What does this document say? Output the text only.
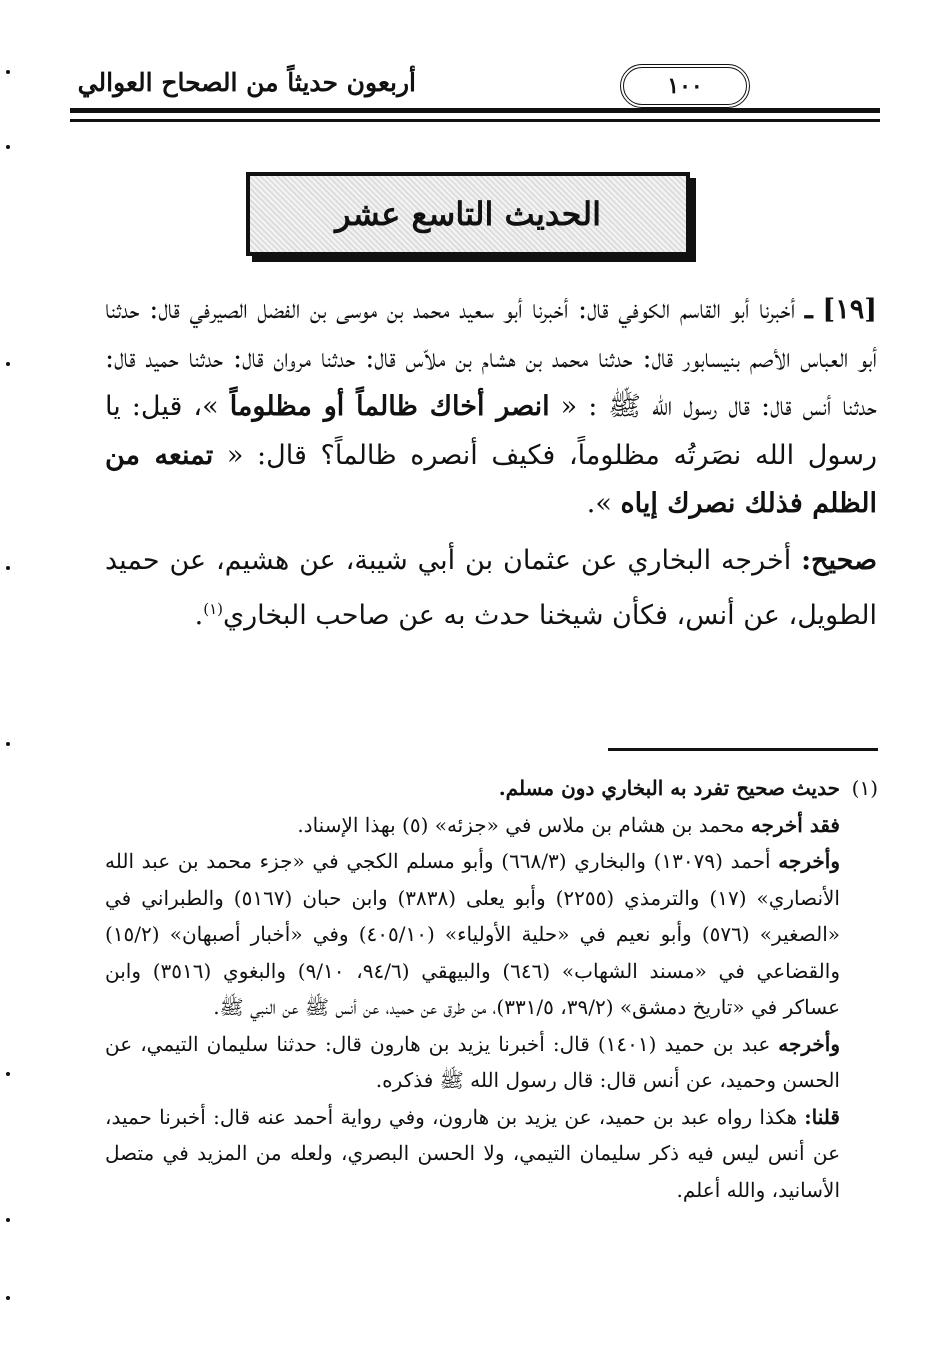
أربعون حديثاً من الصحاح العوالي	١٠٠
الحديث التاسع عشر

[١٩] ـ أخبرنا أبو القاسم الكوفي قال: أخبرنا أبو سعيد محمد بن موسى بن الفضل الصيرفي قال: حدثنا أبو العباس الأصم بنيسابور قال: حدثنا محمد بن هشام بن ملاّس قال: حدثنا مروان قال: حدثنا حميد قال: حدثنا أنس قال: قال رسول الله ﷺ : « انصر أخاك ظالماً أو مظلوماً »، قيل: يا رسول الله نصَرتُه مظلوماً، فكيف أنصره ظالماً؟ قال: « تمنعه من الظلم فذلك نصرك إياه ».

صحيح: أخرجه البخاري عن عثمان بن أبي شيبة، عن هشيم، عن حميد الطويل، عن أنس، فكأن شيخنا حدث به عن صاحب البخاري$^{(١)}$.

(١)

حديث صحيح تفرد به البخاري دون مسلم.

فقد أخرجه محمد بن هشام بن ملاس في «جزئه» (٥) بهذا الإسناد.

وأخرجه أحمد (١٣٠٧٩) والبخاري (٦٦٨/٣) وأبو مسلم الكجي في «جزء محمد بن عبد الله الأنصاري» (١٧) والترمذي (٢٢٥٥) وأبو يعلى (٣٨٣٨) وابن حبان (٥١٦٧) والطبراني في «الصغير» (٥٧٦) وأبو نعيم في «حلية الأولياء» (٤٠٥/١٠) وفي «أخبار أصبهان» (١٥/٢) والقضاعي في «مسند الشهاب» (٦٤٦) والبيهقي (٩٤/٦، ٩/١٠) والبغوي (٣٥١٦) وابن عساكر في «تاريخ دمشق» (٣٩/٢، ٣٣١/٥)، من طرق عن حميد، عن أنس ﷺ عن النبي ﷺ.

وأخرجه عبد بن حميد (١٤٠١) قال: أخبرنا يزيد بن هارون قال: حدثنا سليمان التيمي، عن الحسن وحميد، عن أنس قال: قال رسول الله ﷺ فذكره.

قلنا: هكذا رواه عبد بن حميد، عن يزيد بن هارون، وفي رواية أحمد عنه قال: أخبرنا حميد، عن أنس ليس فيه ذكر سليمان التيمي، ولا الحسن البصري، ولعله من المزيد في متصل الأسانيد، والله أعلم.
